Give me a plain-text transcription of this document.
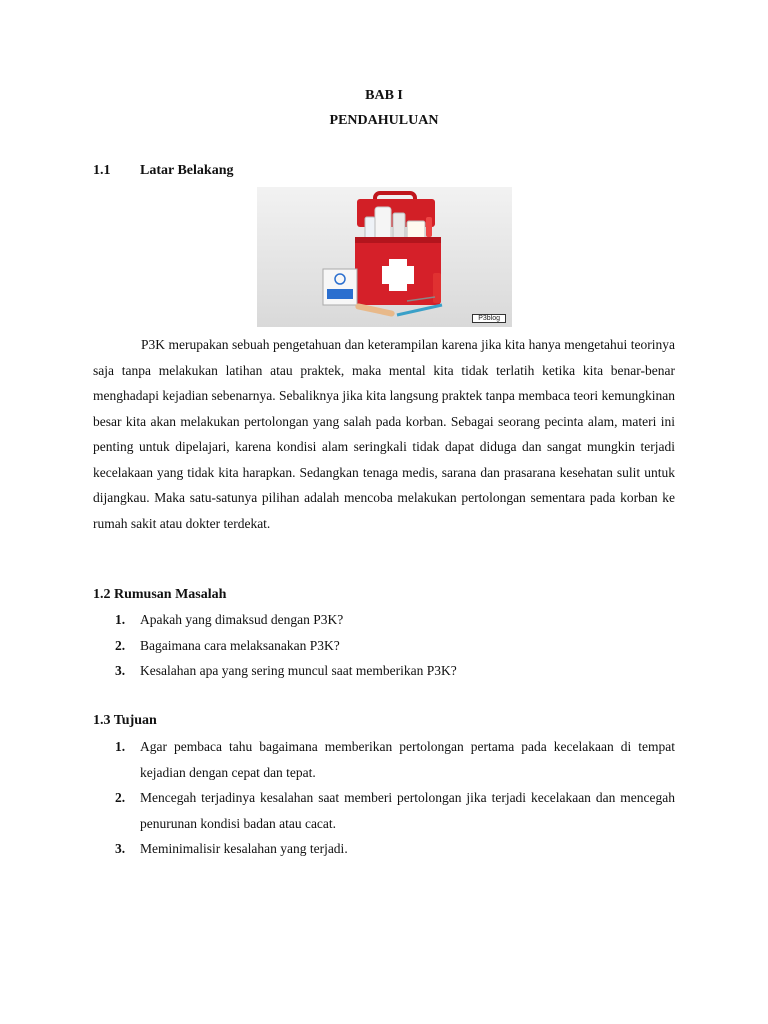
BAB I
PENDAHULUAN
1.1 Latar Belakang
P3blog

P3K merupakan sebuah pengetahuan dan keterampilan karena jika kita hanya mengetahui teorinya saja tanpa melakukan latihan atau praktek, maka mental kita tidak terlatih ketika kita benar-benar menghadapi kejadian sebenarnya. Sebaliknya jika kita langsung praktek tanpa membaca teori kemungkinan besar kita akan melakukan pertolongan yang salah pada korban. Sebagai seorang pecinta alam, materi ini penting untuk dipelajari, karena kondisi alam seringkali tidak dapat diduga dan sangat mungkin terjadi kecelakaan yang tidak kita harapkan. Sedangkan tenaga medis, sarana dan prasarana kesehatan sulit untuk dijangkau. Maka satu-satunya pilihan adalah mencoba melakukan pertolongan sementara pada korban ke rumah sakit atau dokter terdekat.

1.2 Rumusan Masalah
1. Apakah yang dimaksud dengan P3K?
2. Bagaimana cara melaksanakan P3K?
3. Kesalahan apa yang sering muncul saat memberikan P3K?
1.3 Tujuan
1. Agar pembaca tahu bagaimana memberikan pertolongan pertama pada kecelakaan di tempat kejadian dengan cepat dan tepat.
2. Mencegah terjadinya kesalahan saat memberi pertolongan jika terjadi kecelakaan dan mencegah penurunan kondisi badan atau cacat.
3. Meminimalisir kesalahan yang terjadi.
